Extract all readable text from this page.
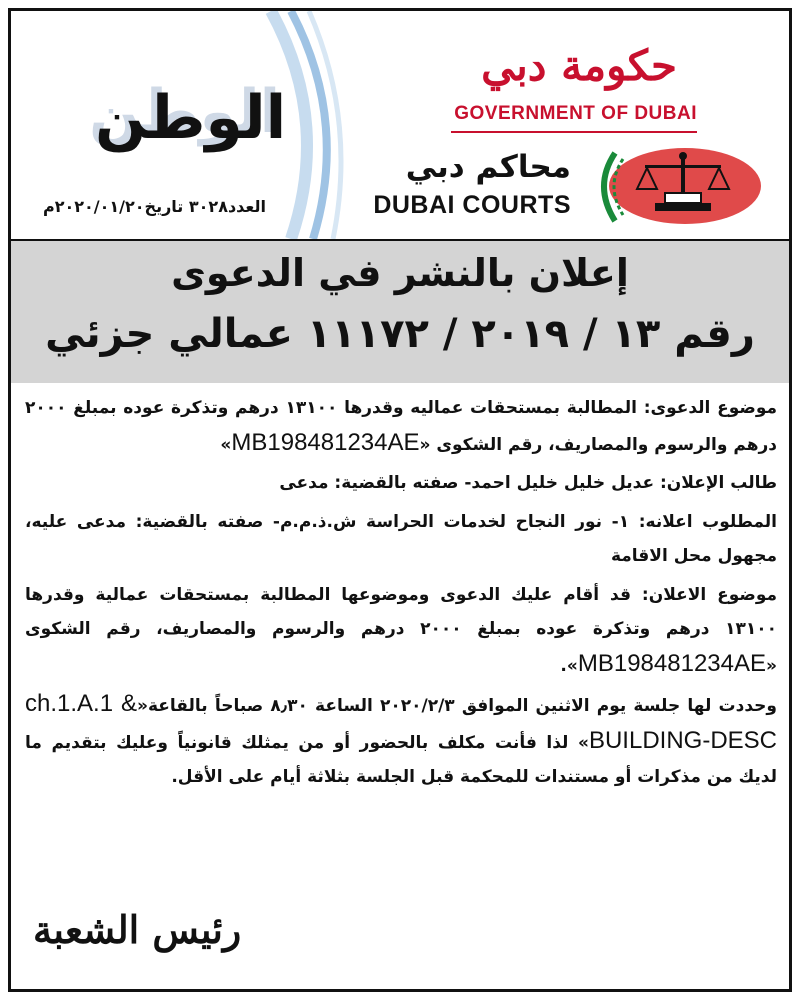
حكومة دبي
GOVERNMENT OF DUBAI
محاكم دبي
DUBAI COURTS
الوطن
العدد٣٠٢٨ تاريخ٢٠٢٠/٠١/٢٠م
إعلان بالنشر في الدعوى
رقم ١٣ / ٢٠١٩ / ١١١٧٢ عمالي جزئي

موضوع الدعوى: المطالبة بمستحقات عماليه وقدرها ١٣١٠٠ درهم وتذكرة عوده بمبلغ ٢٠٠٠ درهم والرسوم والمصاريف، رقم الشكوى «MB198481234AE»

طالب الإعلان: عديل خليل خليل احمد- صفته بالقضية: مدعى

المطلوب اعلانه: ١- نور النجاح لخدمات الحراسة ش.ذ.م.م- صفته بالقضية: مدعى عليه، مجهول محل الاقامة

موضوع الاعلان: قد أقام عليك الدعوى وموضوعها المطالبة بمستحقات عمالية وقدرها ١٣١٠٠ درهم وتذكرة عوده بمبلغ ٢٠٠٠ درهم والرسوم والمصاريف، رقم الشكوى «MB198481234AE».

وحددت لها جلسة يوم الاثنين الموافق ٢٠٢٠/٢/٣ الساعة ٨٫٣٠ صباحاً بالقاعة«ch.1.A.1 & BUILDING-DESC» لذا فأنت مكلف بالحضور أو من يمثلك قانونياً وعليك بتقديم ما لديك من مذكرات أو مستندات للمحكمة قبل الجلسة بثلاثة أيام على الأقل.

رئيس الشعبة
